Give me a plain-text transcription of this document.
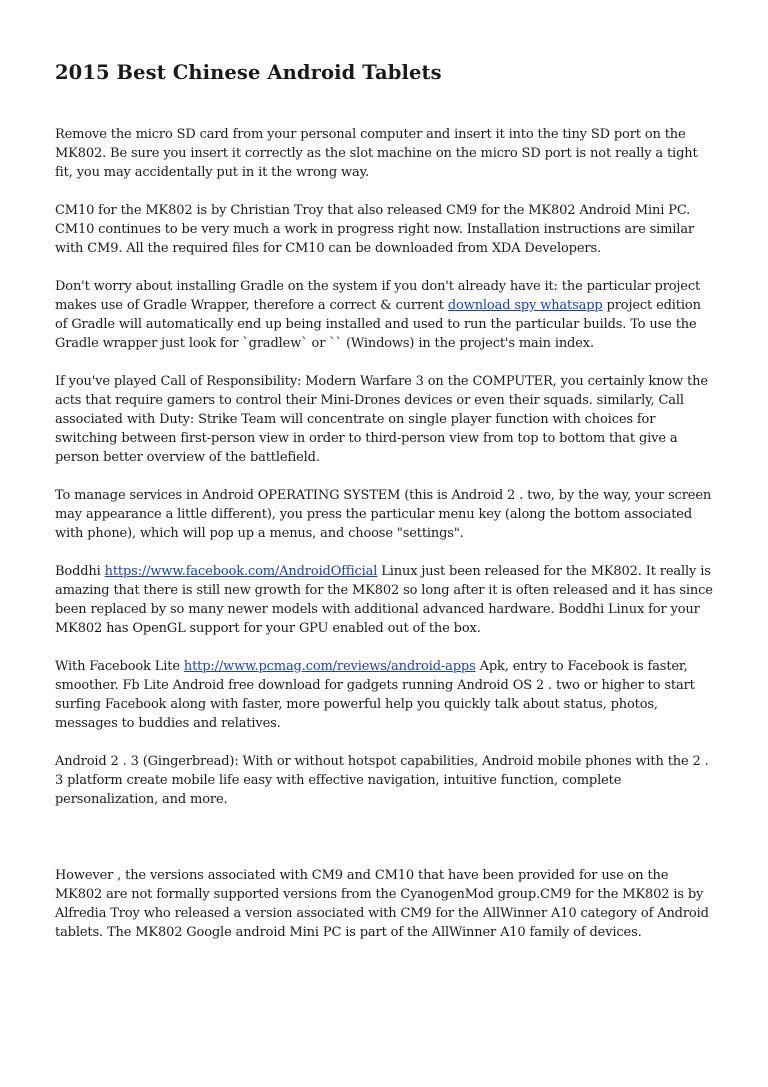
2015 Best Chinese Android Tablets

Remove the micro SD card from your personal computer and insert it into the tiny SD port on the MK802. Be sure you insert it correctly as the slot machine on the micro SD port is not really a tight fit, you may accidentally put in it the wrong way.

CM10 for the MK802 is by Christian Troy that also released CM9 for the MK802 Android Mini PC. CM10 continues to be very much a work in progress right now. Installation instructions are similar with CM9. All the required files for CM10 can be downloaded from XDA Developers.

Don't worry about installing Gradle on the system if you don't already have it: the particular project makes use of Gradle Wrapper, therefore a correct & current download spy whatsapp project edition of Gradle will automatically end up being installed and used to run the particular builds. To use the Gradle wrapper just look for `gradlew` or `` (Windows) in the project's main index.

If you've played Call of Responsibility: Modern Warfare 3 on the COMPUTER, you certainly know the acts that require gamers to control their Mini-Drones devices or even their squads. similarly, Call associated with Duty: Strike Team will concentrate on single player function with choices for switching between first-person view in order to third-person view from top to bottom that give a person better overview of the battlefield.

To manage services in Android OPERATING SYSTEM (this is Android 2 . two, by the way, your screen may appearance a little different), you press the particular menu key (along the bottom associated with phone), which will pop up a menus, and choose "settings".

Boddhi https://www.facebook.com/AndroidOfficial Linux just been released for the MK802. It really is amazing that there is still new growth for the MK802 so long after it is often released and it has since been replaced by so many newer models with additional advanced hardware. Boddhi Linux for your MK802 has OpenGL support for your GPU enabled out of the box.

With Facebook Lite http://www.pcmag.com/reviews/android-apps Apk, entry to Facebook is faster, smoother. Fb Lite Android free download for gadgets running Android OS 2 . two or higher to start surfing Facebook along with faster, more powerful help you quickly talk about status, photos, messages to buddies and relatives.

Android 2 . 3 (Gingerbread): With or without hotspot capabilities, Android mobile phones with the 2 . 3 platform create mobile life easy with effective navigation, intuitive function, complete personalization, and more.

However , the versions associated with CM9 and CM10 that have been provided for use on the MK802 are not formally supported versions from the CyanogenMod group.CM9 for the MK802 is by Alfredia Troy who released a version associated with CM9 for the AllWinner A10 category of Android tablets. The MK802 Google android Mini PC is part of the AllWinner A10 family of devices.
